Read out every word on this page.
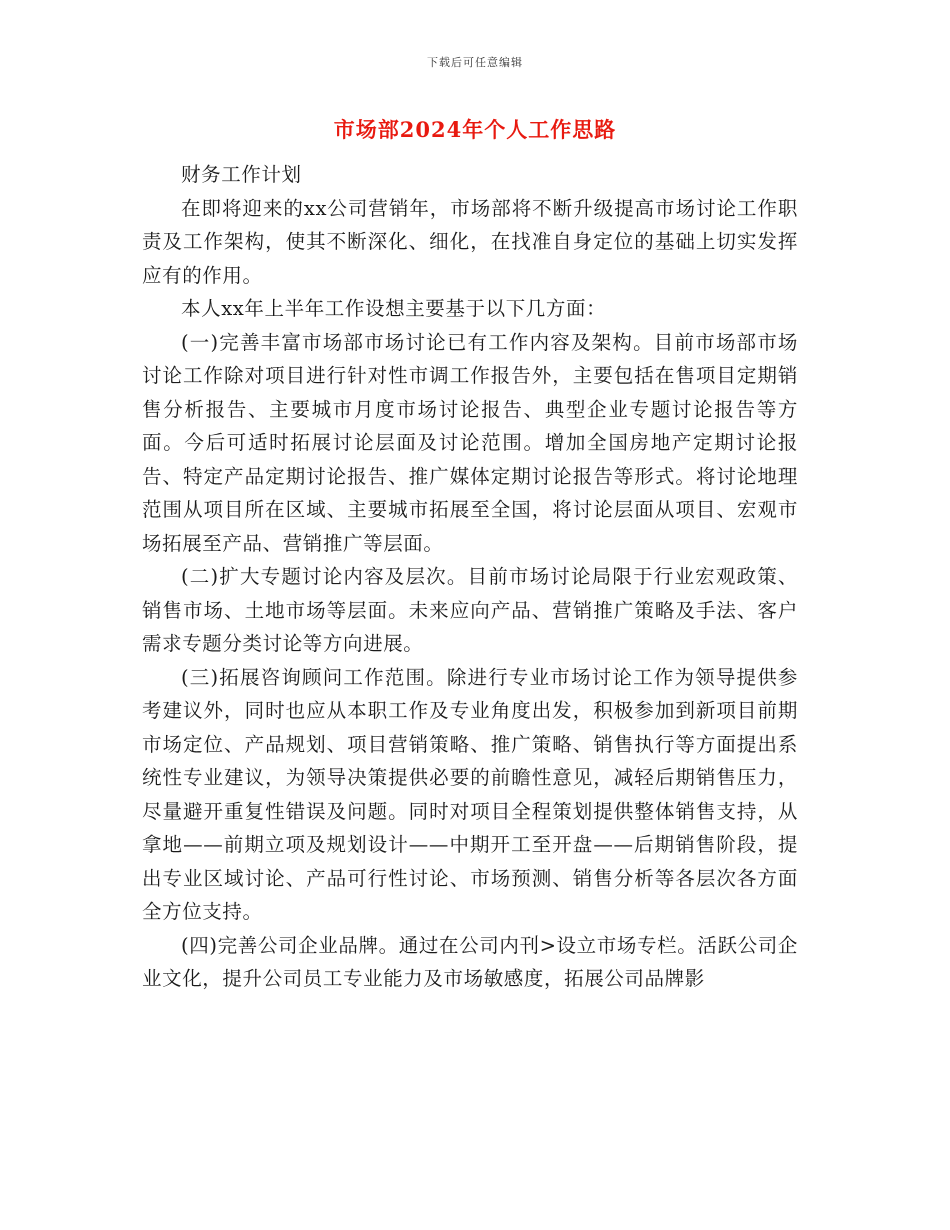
下载后可任意编辑
市场部2024年个人工作思路

财务工作计划

在即将迎来的xx公司营销年，市场部将不断升级提高市场讨论工作职责及工作架构，使其不断深化、细化，在找准自身定位的基础上切实发挥应有的作用。

本人xx年上半年工作设想主要基于以下几方面：

(一)完善丰富市场部市场讨论已有工作内容及架构。目前市场部市场讨论工作除对项目进行针对性市调工作报告外，主要包括在售项目定期销售分析报告、主要城市月度市场讨论报告、典型企业专题讨论报告等方面。今后可适时拓展讨论层面及讨论范围。增加全国房地产定期讨论报告、特定产品定期讨论报告、推广媒体定期讨论报告等形式。将讨论地理范围从项目所在区域、主要城市拓展至全国，将讨论层面从项目、宏观市场拓展至产品、营销推广等层面。

(二)扩大专题讨论内容及层次。目前市场讨论局限于行业宏观政策、销售市场、土地市场等层面。未来应向产品、营销推广策略及手法、客户需求专题分类讨论等方向进展。

(三)拓展咨询顾问工作范围。除进行专业市场讨论工作为领导提供参考建议外，同时也应从本职工作及专业角度出发，积极参加到新项目前期市场定位、产品规划、项目营销策略、推广策略、销售执行等方面提出系统性专业建议，为领导决策提供必要的前瞻性意见，减轻后期销售压力，尽量避开重复性错误及问题。同时对项目全程策划提供整体销售支持，从拿地——前期立项及规划设计——中期开工至开盘——后期销售阶段，提出专业区域讨论、产品可行性讨论、市场预测、销售分析等各层次各方面全方位支持。

(四)完善公司企业品牌。通过在公司内刊>设立市场专栏。活跃公司企业文化，提升公司员工专业能力及市场敏感度，拓展公司品牌影
